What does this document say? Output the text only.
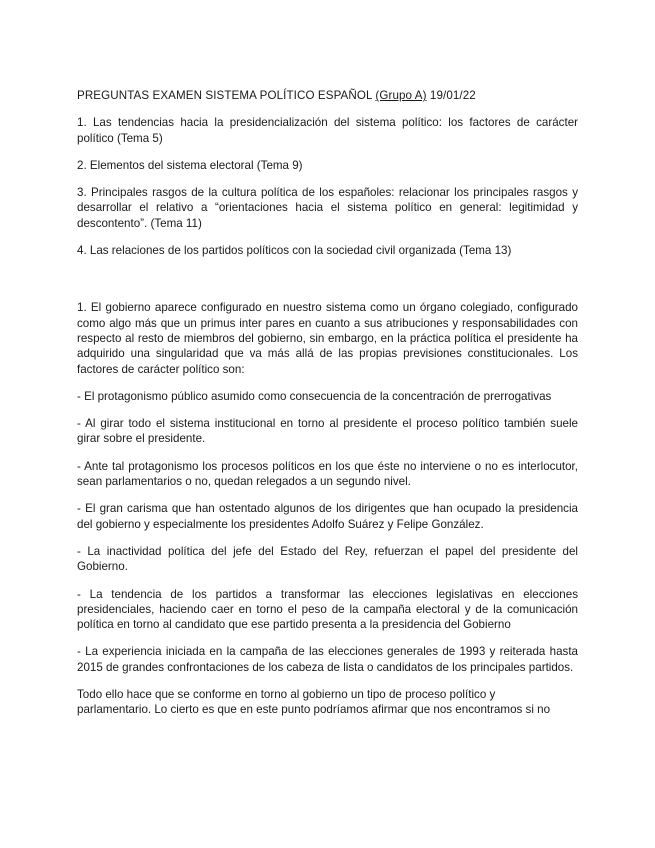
PREGUNTAS EXAMEN SISTEMA POLÍTICO ESPAÑOL (Grupo A) 19/01/22

1. Las tendencias hacia la presidencialización del sistema político: los factores de carácter político (Tema 5)

2. Elementos del sistema electoral (Tema 9)

3. Principales rasgos de la cultura política de los españoles: relacionar los principales rasgos y desarrollar el relativo a “orientaciones hacia el sistema político en general: legitimidad y descontento”. (Tema 11)

4. Las relaciones de los partidos políticos con la sociedad civil organizada (Tema 13)

1. El gobierno aparece configurado en nuestro sistema como un órgano colegiado, configurado como algo más que un primus inter pares en cuanto a sus atribuciones y responsabilidades con respecto al resto de miembros del gobierno, sin embargo, en la práctica política el presidente ha adquirido una singularidad que va más allá de las propias previsiones constitucionales. Los factores de carácter político son:

- El protagonismo público asumido como consecuencia de la concentración de prerrogativas

- Al girar todo el sistema institucional en torno al presidente el proceso político también suele girar sobre el presidente.

- Ante tal protagonismo los procesos políticos en los que éste no interviene o no es interlocutor, sean parlamentarios o no, quedan relegados a un segundo nivel.

- El gran carisma que han ostentado algunos de los dirigentes que han ocupado la presidencia del gobierno y especialmente los presidentes Adolfo Suárez y Felipe González.

- La inactividad política del jefe del Estado del Rey, refuerzan el papel del presidente del Gobierno.

- La tendencia de los partidos a transformar las elecciones legislativas en elecciones presidenciales, haciendo caer en torno el peso de la campaña electoral y de la comunicación política en torno al candidato que ese partido presenta a la presidencia del Gobierno

- La experiencia iniciada en la campaña de las elecciones generales de 1993 y reiterada hasta 2015 de grandes confrontaciones de los cabeza de lista o candidatos de los principales partidos.

Todo ello hace que se conforme en torno al gobierno un tipo de proceso político y
parlamentario. Lo cierto es que en este punto podríamos afirmar que nos encontramos si no
